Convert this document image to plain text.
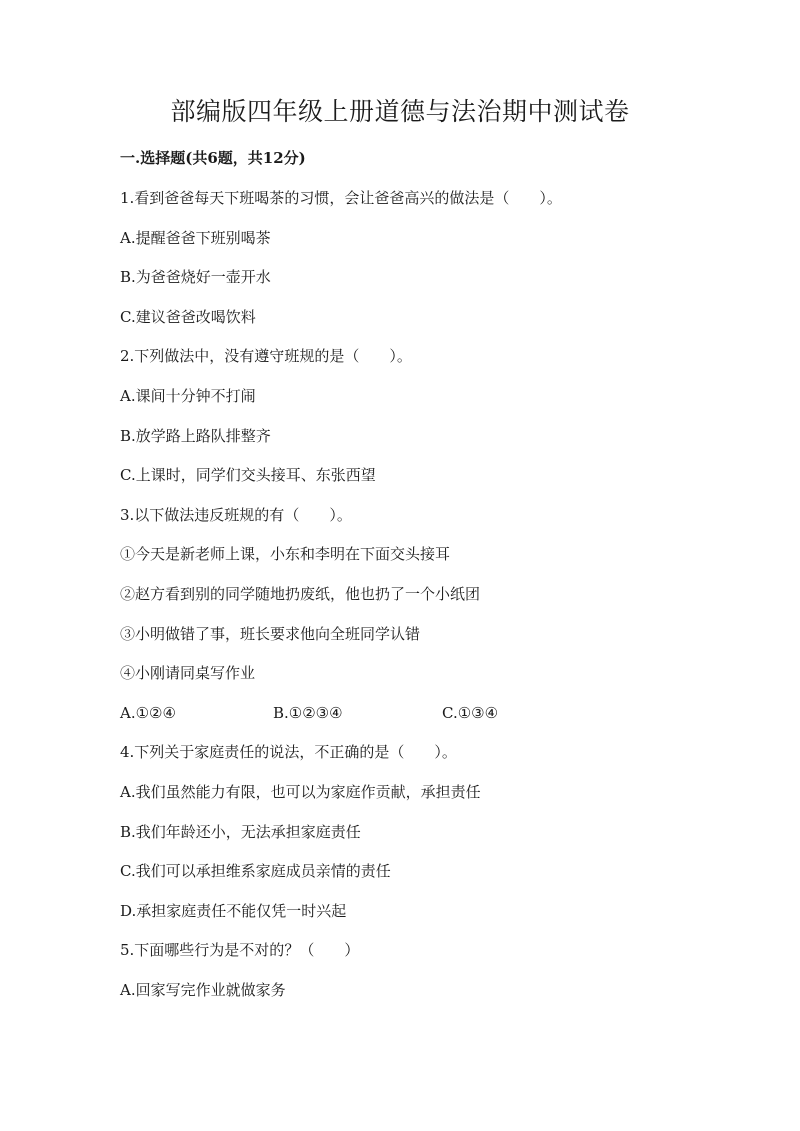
部编版四年级上册道德与法治期中测试卷
一.选择题(共6题，共12分)
1.看到爸爸每天下班喝茶的习惯，会让爸爸高兴的做法是（　　）。
A.提醒爸爸下班别喝茶
B.为爸爸烧好一壶开水
C.建议爸爸改喝饮料
2.下列做法中，没有遵守班规的是（　　）。
A.课间十分钟不打闹
B.放学路上路队排整齐
C.上课时，同学们交头接耳、东张西望
3.以下做法违反班规的有（　　）。
①今天是新老师上课，小东和李明在下面交头接耳
②赵方看到别的同学随地扔废纸，他也扔了一个小纸团
③小明做错了事，班长要求他向全班同学认错
④小刚请同桌写作业
A.①②④	B.①②③④	C.①③④
4.下列关于家庭责任的说法，不正确的是（　　）。
A.我们虽然能力有限，也可以为家庭作贡献，承担责任
B.我们年龄还小，无法承担家庭责任
C.我们可以承担维系家庭成员亲情的责任
D.承担家庭责任不能仅凭一时兴起
5.下面哪些行为是不对的？（　　）
A.回家写完作业就做家务
